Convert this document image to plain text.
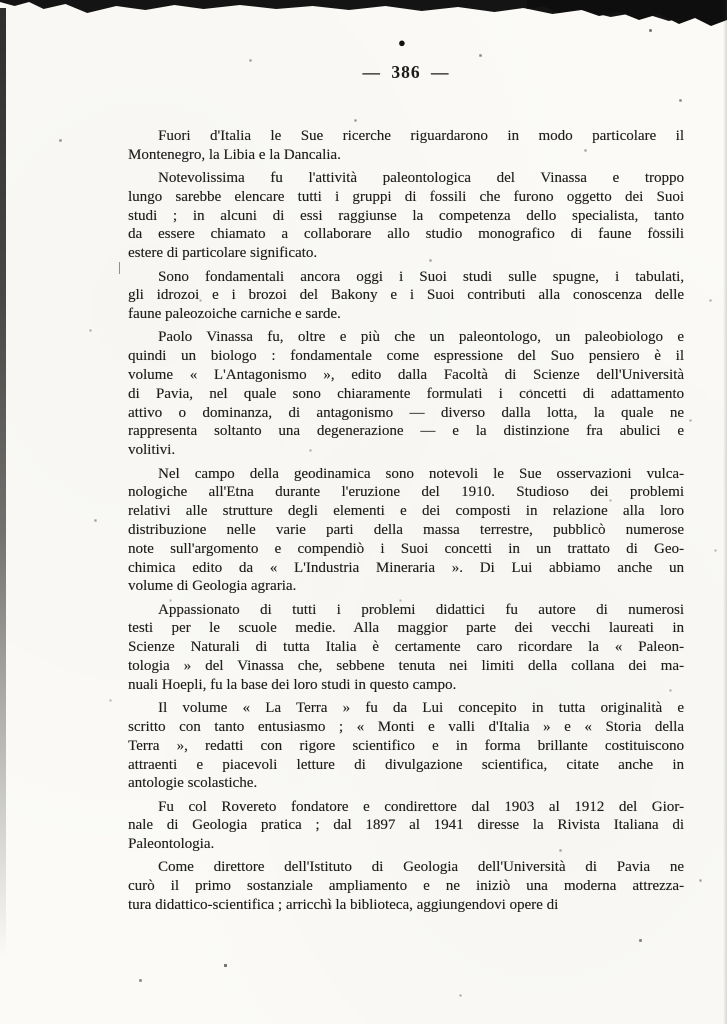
●
— 386 —

Fuori d'Italia le Sue ricerche riguardarono in modo particolare il
Montenegro, la Libia e la Dancalia.

Notevolissima fu l'attività paleontologica del Vinassa e troppo
lungo sarebbe elencare tutti i gruppi di fossili che furono oggetto dei Suoi
studi ; in alcuni di essi raggiunse la competenza dello specialista, tanto
da essere chiamato a collaborare allo studio monografico di faune fossili
estere di particolare significato.

Sono fondamentali ancora oggi i Suoi studi sulle spugne, i tabulati,
gli idrozoi e i brozoi del Bakony e i Suoi contributi alla conoscenza delle
faune paleozoiche carniche e sarde.

Paolo Vinassa fu, oltre e più che un paleontologo, un paleobiologo e
quindi un biologo : fondamentale come espressione del Suo pensiero è il
volume « L'Antagonismo », edito dalla Facoltà di Scienze dell'Università
di Pavia, nel quale sono chiaramente formulati i concetti di adattamento
attivo o dominanza, di antagonismo — diverso dalla lotta, la quale ne
rappresenta soltanto una degenerazione — e la distinzione fra abulici e
volitivi.

Nel campo della geodinamica sono notevoli le Sue osservazioni vulca-
nologiche all'Etna durante l'eruzione del 1910. Studioso dei problemi
relativi alle strutture degli elementi e dei composti in relazione alla loro
distribuzione nelle varie parti della massa terrestre, pubblicò numerose
note sull'argomento e compendiò i Suoi concetti in un trattato di Geo-
chimica edito da « L'Industria Mineraria ». Di Lui abbiamo anche un
volume di Geologia agraria.

Appassionato di tutti i problemi didattici fu autore di numerosi
testi per le scuole medie. Alla maggior parte dei vecchi laureati in
Scienze Naturali di tutta Italia è certamente caro ricordare la « Paleon-
tologia » del Vinassa che, sebbene tenuta nei limiti della collana dei ma-
nuali Hoepli, fu la base dei loro studi in questo campo.

Il volume « La Terra » fu da Lui concepito in tutta originalità e
scritto con tanto entusiasmo ; « Monti e valli d'Italia » e « Storia della
Terra », redatti con rigore scientifico e in forma brillante costituiscono
attraenti e piacevoli letture di divulgazione scientifica, citate anche in
antologie scolastiche.

Fu col Rovereto fondatore e condirettore dal 1903 al 1912 del Gior-
nale di Geologia pratica ; dal 1897 al 1941 diresse la Rivista Italiana di
Paleontologia.

Come direttore dell'Istituto di Geologia dell'Università di Pavia ne
curò il primo sostanziale ampliamento e ne iniziò una moderna attrezza-
tura didattico-scientifica ; arricchì la biblioteca, aggiungendovi opere di
